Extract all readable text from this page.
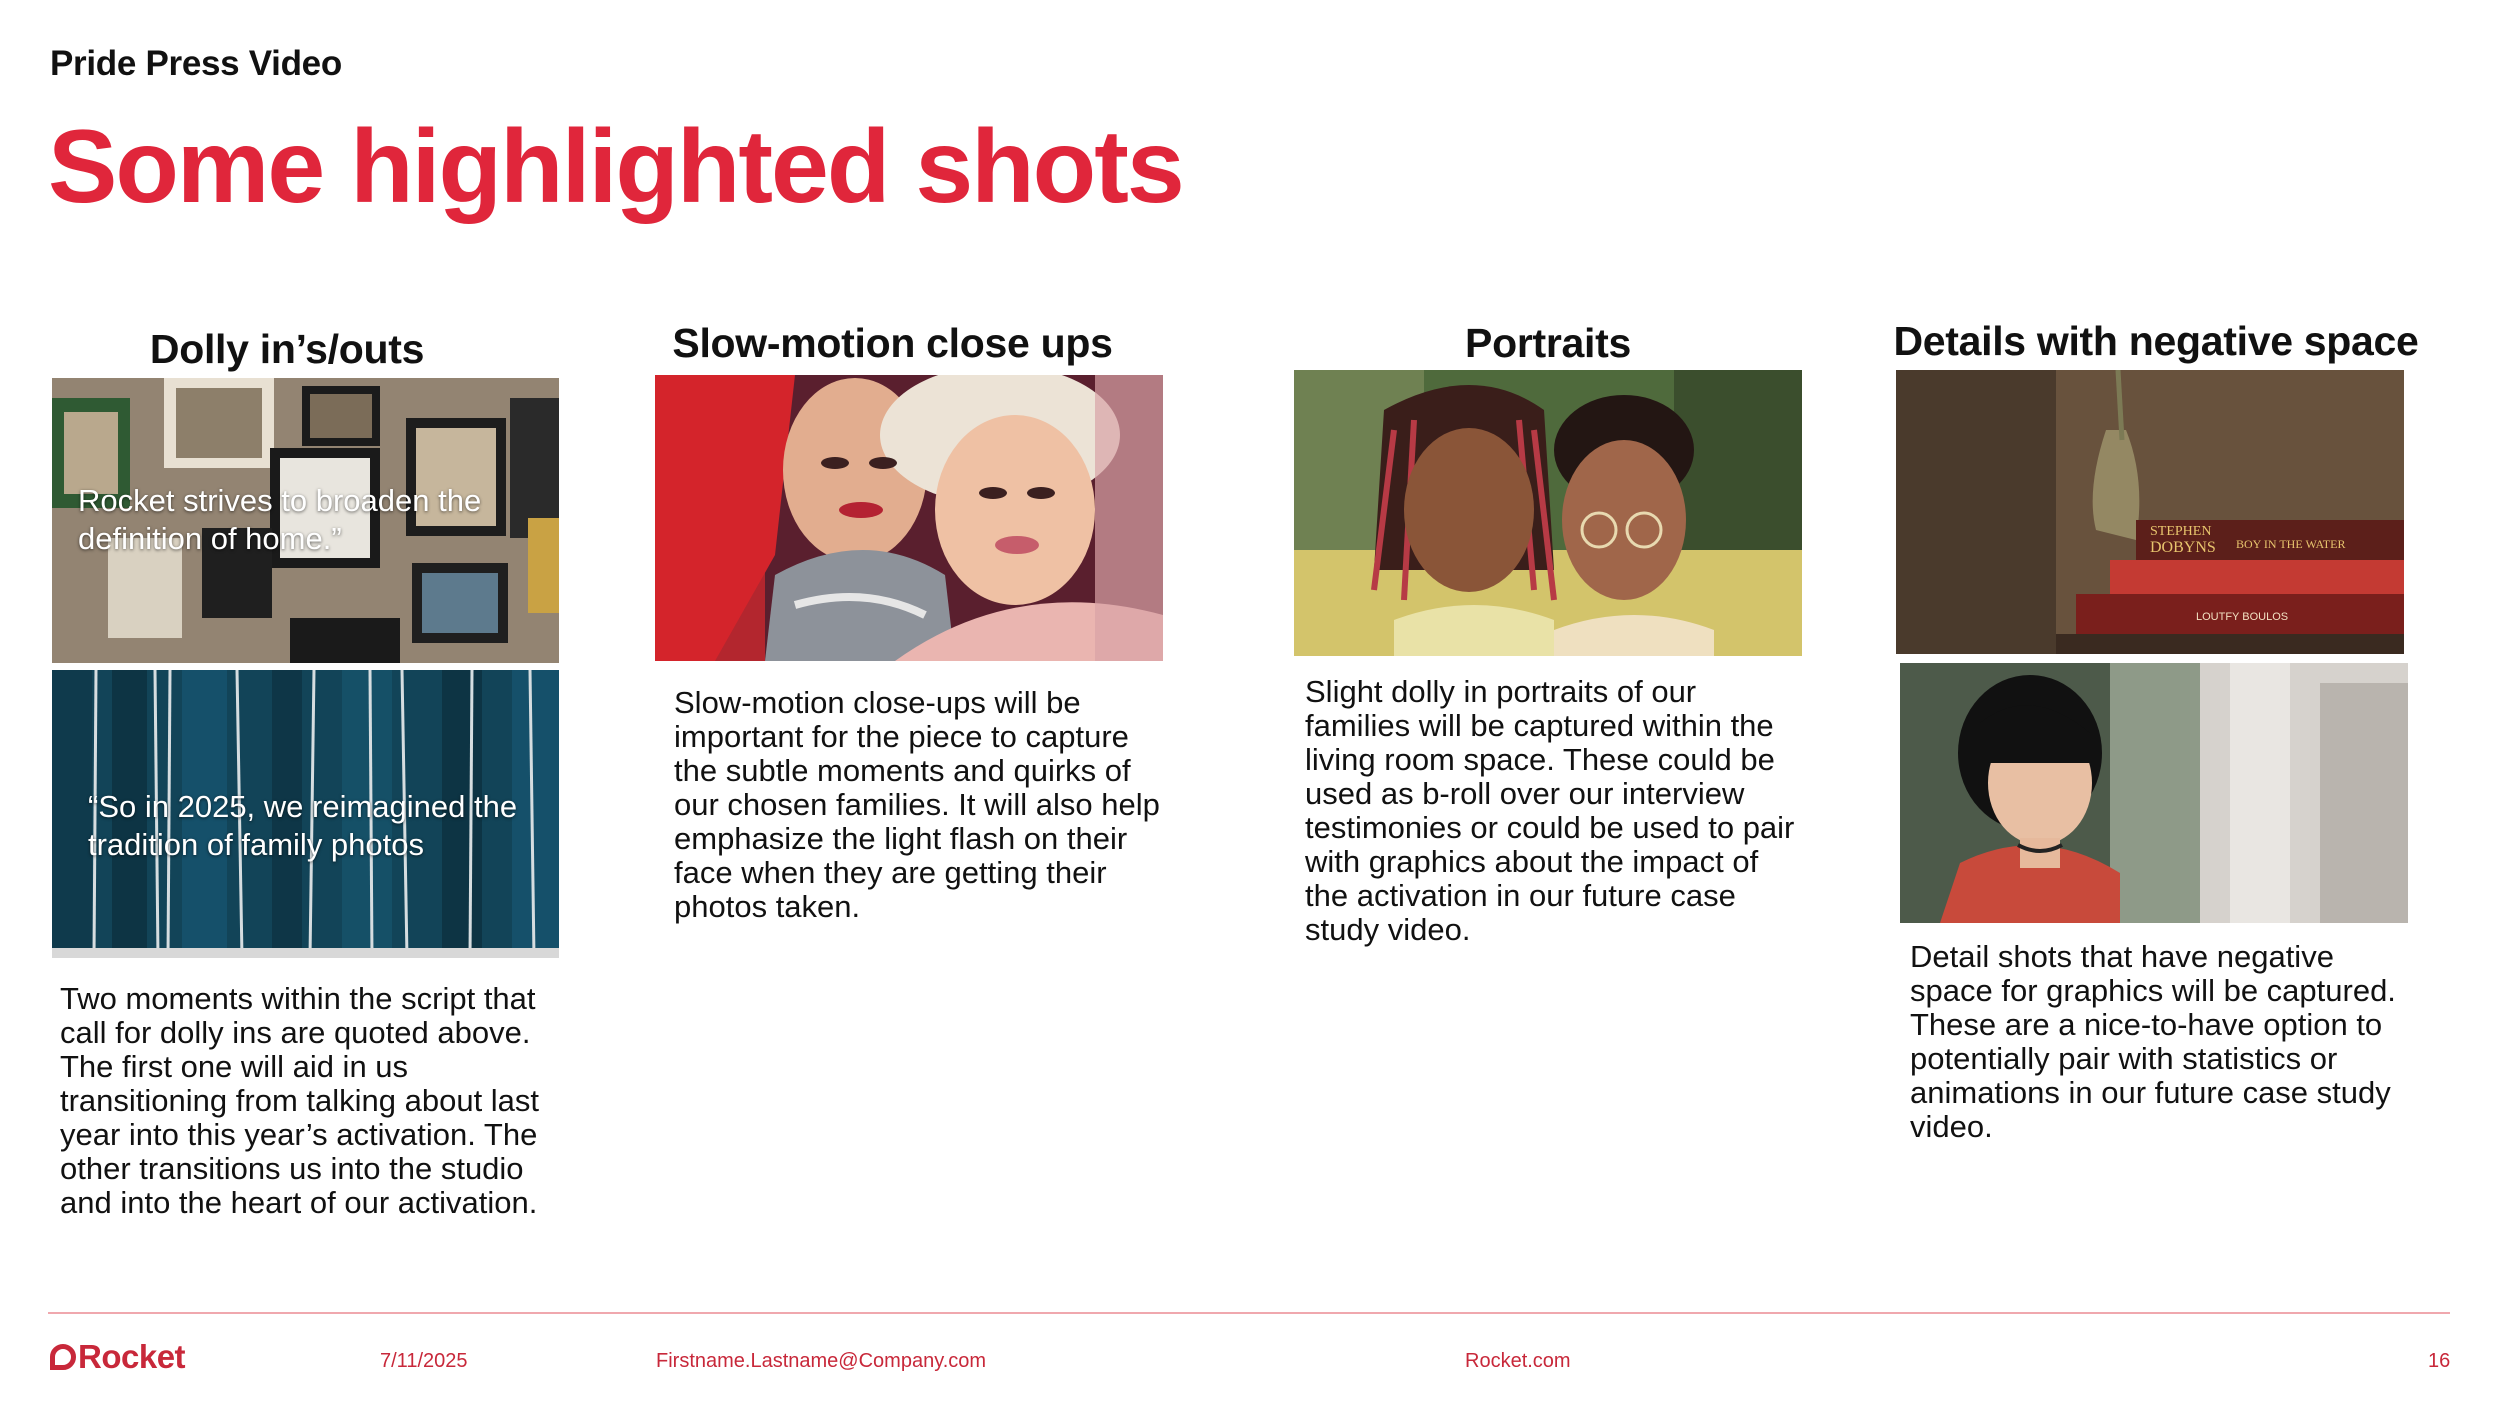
Pride Press Video
Some highlighted shots
Dolly in’s/outs
Rocket strives to broaden the definition of home.”
“So in 2025, we reimagined the tradition of family photos
Two moments within the script that call for dolly ins are quoted above. The first one will aid in us transitioning from talking about last year into this year’s activation. The other transitions us into the studio and into the heart of our activation.
Slow-motion close ups
Slow-motion close-ups will be important for the piece to capture the subtle moments and quirks of our chosen families. It will also help emphasize the light flash on their face when they are getting their photos taken.
Portraits
Slight dolly in portraits of our families will be captured within the living room space. These could be used as b-roll over our interview testimonies or could be used to pair with graphics about the impact of the activation in our future case study video.
Details with negative space
STEPHEN
DOBYNS BOY IN THE WATER
LOUTFY BOULOS
Detail shots that have negative space for graphics will be captured. These are a nice-to-have option to potentially pair with statistics or animations in our future case study video.
Rocket	7/11/2025	Firstname.Lastname@Company.com	Rocket.com	16
